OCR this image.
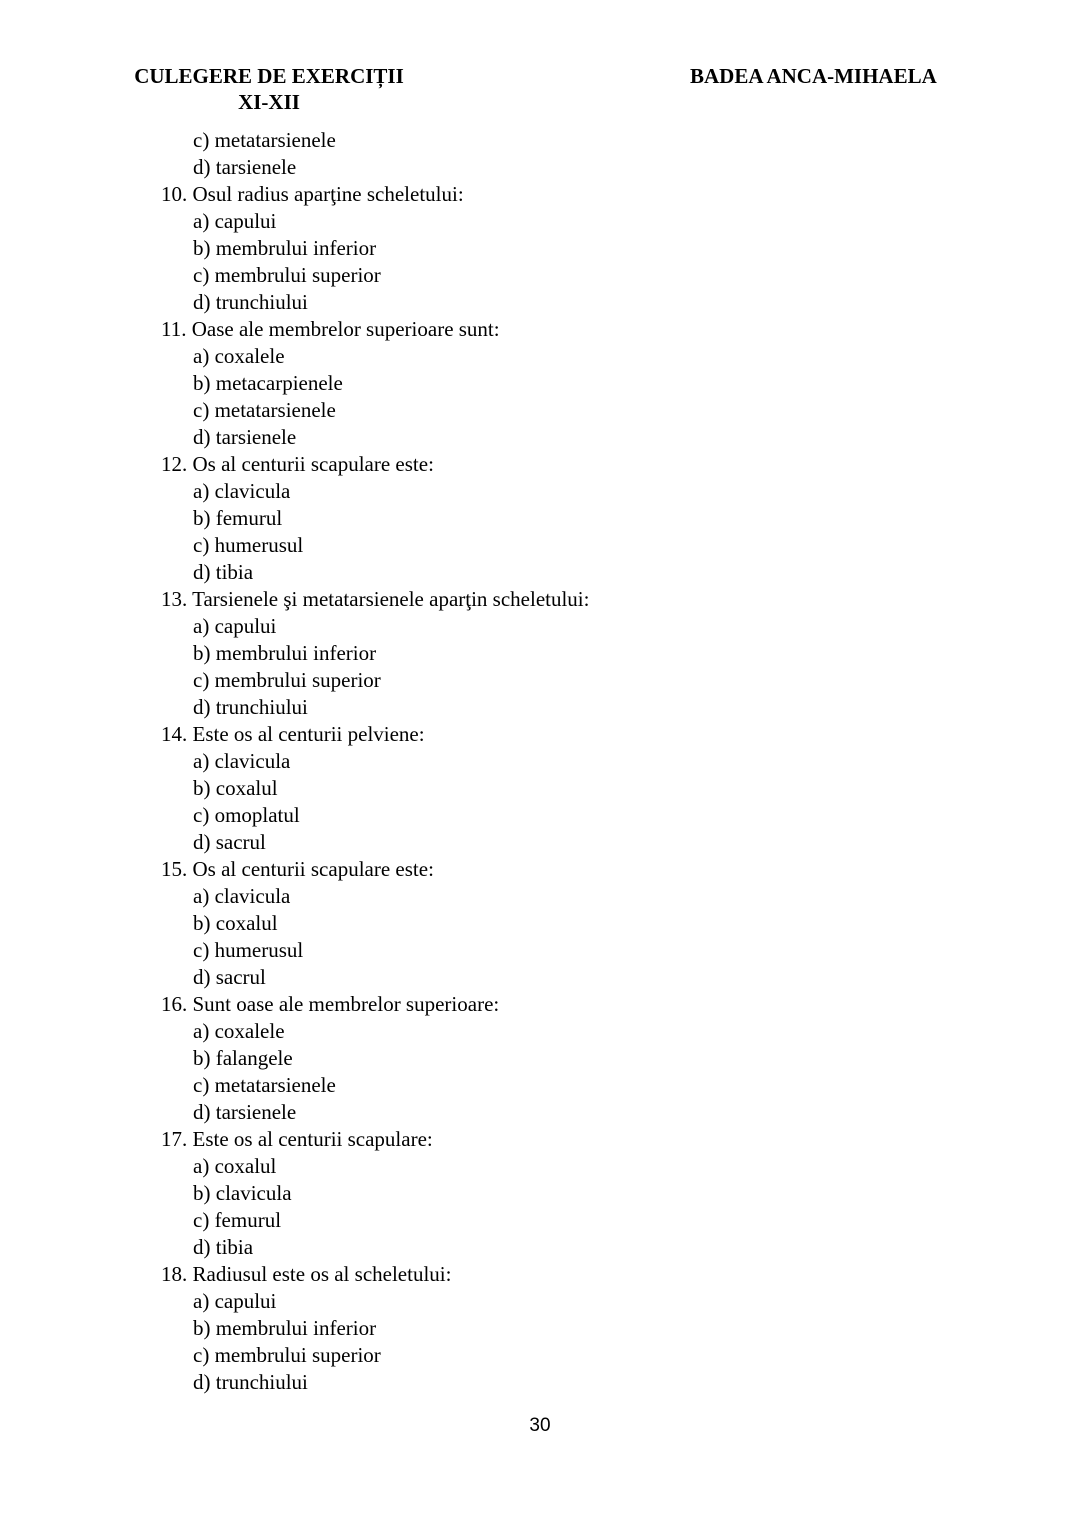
CULEGERE DE EXERCIȚII
XI-XII
BADEA ANCA-MIHAELA
c) metatarsienele
d) tarsienele
10. Osul radius aparţine scheletului:
a) capului
b) membrului inferior
c) membrului superior
d) trunchiului
11. Oase ale membrelor superioare sunt:
a) coxalele
b) metacarpienele
c) metatarsienele
d) tarsienele
12. Os al centurii scapulare este:
a) clavicula
b) femurul
c) humerusul
d) tibia
13. Tarsienele şi metatarsienele aparţin scheletului:
a) capului
b) membrului inferior
c) membrului superior
d) trunchiului
14. Este os al centurii pelviene:
a) clavicula
b) coxalul
c) omoplatul
d) sacrul
15. Os al centurii scapulare este:
a) clavicula
b) coxalul
c) humerusul
d) sacrul
16. Sunt oase ale membrelor superioare:
a) coxalele
b) falangele
c) metatarsienele
d) tarsienele
17. Este os al centurii scapulare:
a) coxalul
b) clavicula
c) femurul
d) tibia
18. Radiusul este os al scheletului:
a) capului
b) membrului inferior
c) membrului superior
d) trunchiului
30
